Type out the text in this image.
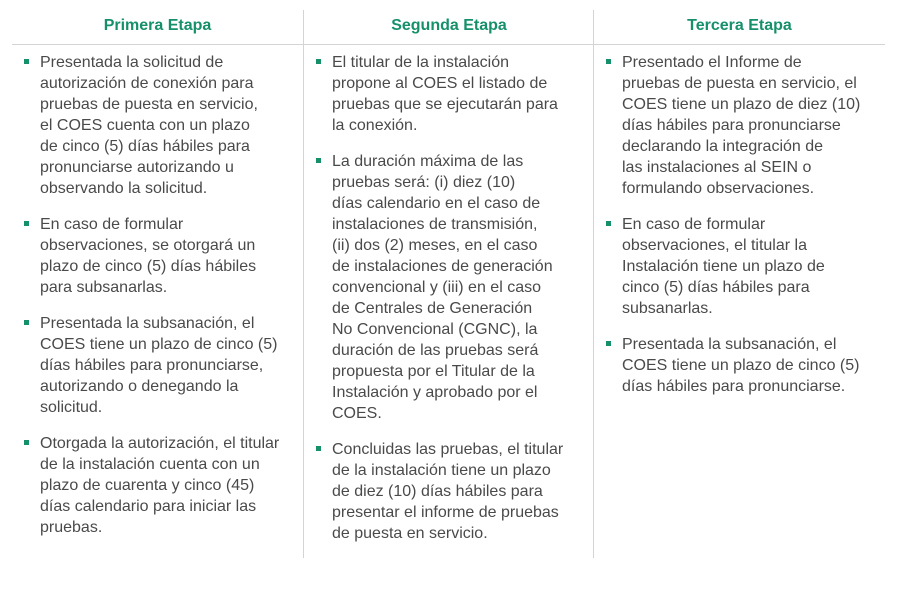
Primera Etapa
Presentada la solicitud de
autorización de conexión para
pruebas de puesta en servicio,
el COES cuenta con un plazo
de cinco (5) días hábiles para
pronunciarse autorizando u
observando la solicitud.
En caso de formular
observaciones, se otorgará un
plazo de cinco (5) días hábiles
para subsanarlas.
Presentada la subsanación, el
COES tiene un plazo de cinco (5)
días hábiles para pronunciarse,
autorizando o denegando la
solicitud.
Otorgada la autorización, el titular
de la instalación cuenta con un
plazo de cuarenta y cinco (45)
días calendario para iniciar las
pruebas.
Segunda Etapa
El titular de la instalación
propone al COES el listado de
pruebas que se ejecutarán para
la conexión.
La duración máxima de las
pruebas será: (i) diez (10)
días calendario en el caso de
instalaciones de transmisión,
(ii) dos (2) meses, en el caso
de instalaciones de generación
convencional y (iii) en el caso
de Centrales de Generación
No Convencional (CGNC), la
duración de las pruebas será
propuesta por el Titular de la
Instalación y aprobado por el
COES.
Concluidas las pruebas, el titular
de la instalación tiene un plazo
de diez (10) días hábiles para
presentar el informe de pruebas
de puesta en servicio.
Tercera Etapa
Presentado el Informe de
pruebas de puesta en servicio, el
COES tiene un plazo de diez (10)
días hábiles para pronunciarse
declarando la integración de
las instalaciones al SEIN o
formulando observaciones.
En caso de formular
observaciones, el titular la
Instalación tiene un plazo de
cinco (5) días hábiles para
subsanarlas.
Presentada la subsanación, el
COES tiene un plazo de cinco (5)
días hábiles para pronunciarse.
